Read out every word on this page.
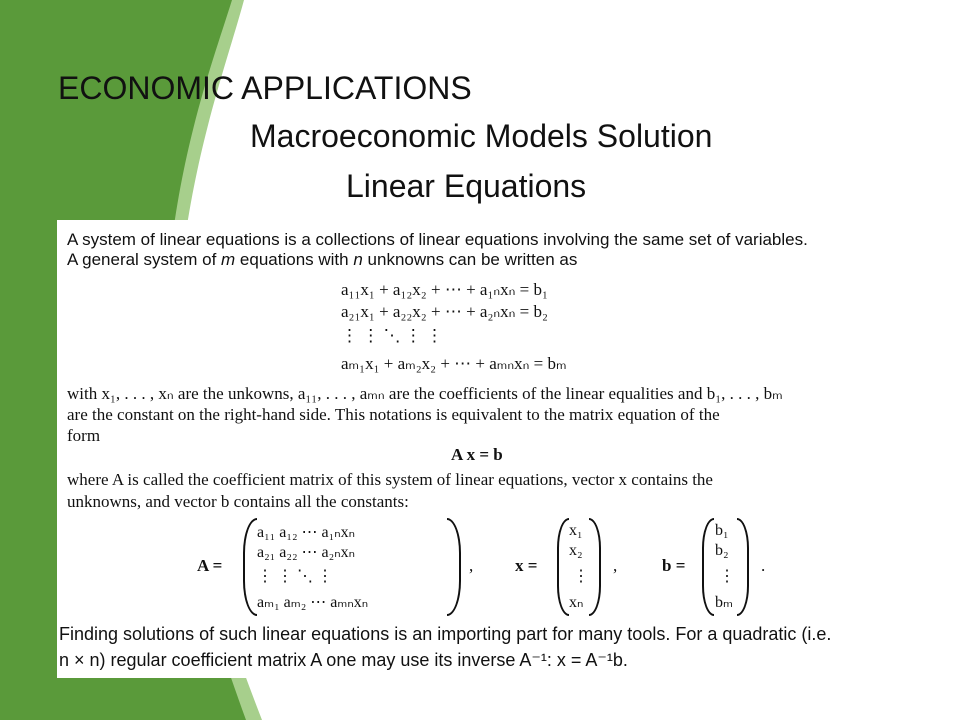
ECONOMIC APPLICATIONS
Macroeconomic Models Solution
Linear Equations
A system of linear equations is a collections of linear equations involving the same set of variables.
A general system of m equations with n unknowns can be written as
a₁₁x₁ + a₁₂x₂ + ⋯ + a₁ₙxₙ = b₁
a₂₁x₁ + a₂₂x₂ + ⋯ + a₂ₙxₙ = b₂
⋮ ⋮ ⋱ ⋮ ⋮
aₘ₁x₁ + aₘ₂x₂ + ⋯ + aₘₙxₙ = bₘ
with x₁, . . . , xₙ are the unkowns, a₁₁, . . . , aₘₙ are the coefficients of the linear equalities and b₁, . . . , bₘ
are the constant on the right-hand side. This notations is equivalent to the matrix equation of the
form
A x = b
where A is called the coefficient matrix of this system of linear equations, vector x contains the
unknowns, and vector b contains all the constants:
A =
a₁₁ a₁₂ ⋯ a₁ₙxₙ
a₂₁ a₂₂ ⋯ a₂ₙxₙ
⋮ ⋮ ⋱ ⋮
aₘ₁ aₘ₂ ⋯ aₘₙxₙ
, x =
x₁
x₂
⋮
xₙ
,	b =
b₁
b₂
⋮
bₘ
.
Finding solutions of such linear equations is an importing part for many tools. For a quadratic (i.e.
n × n) regular coefficient matrix A one may use its inverse A⁻¹: x = A⁻¹b.
